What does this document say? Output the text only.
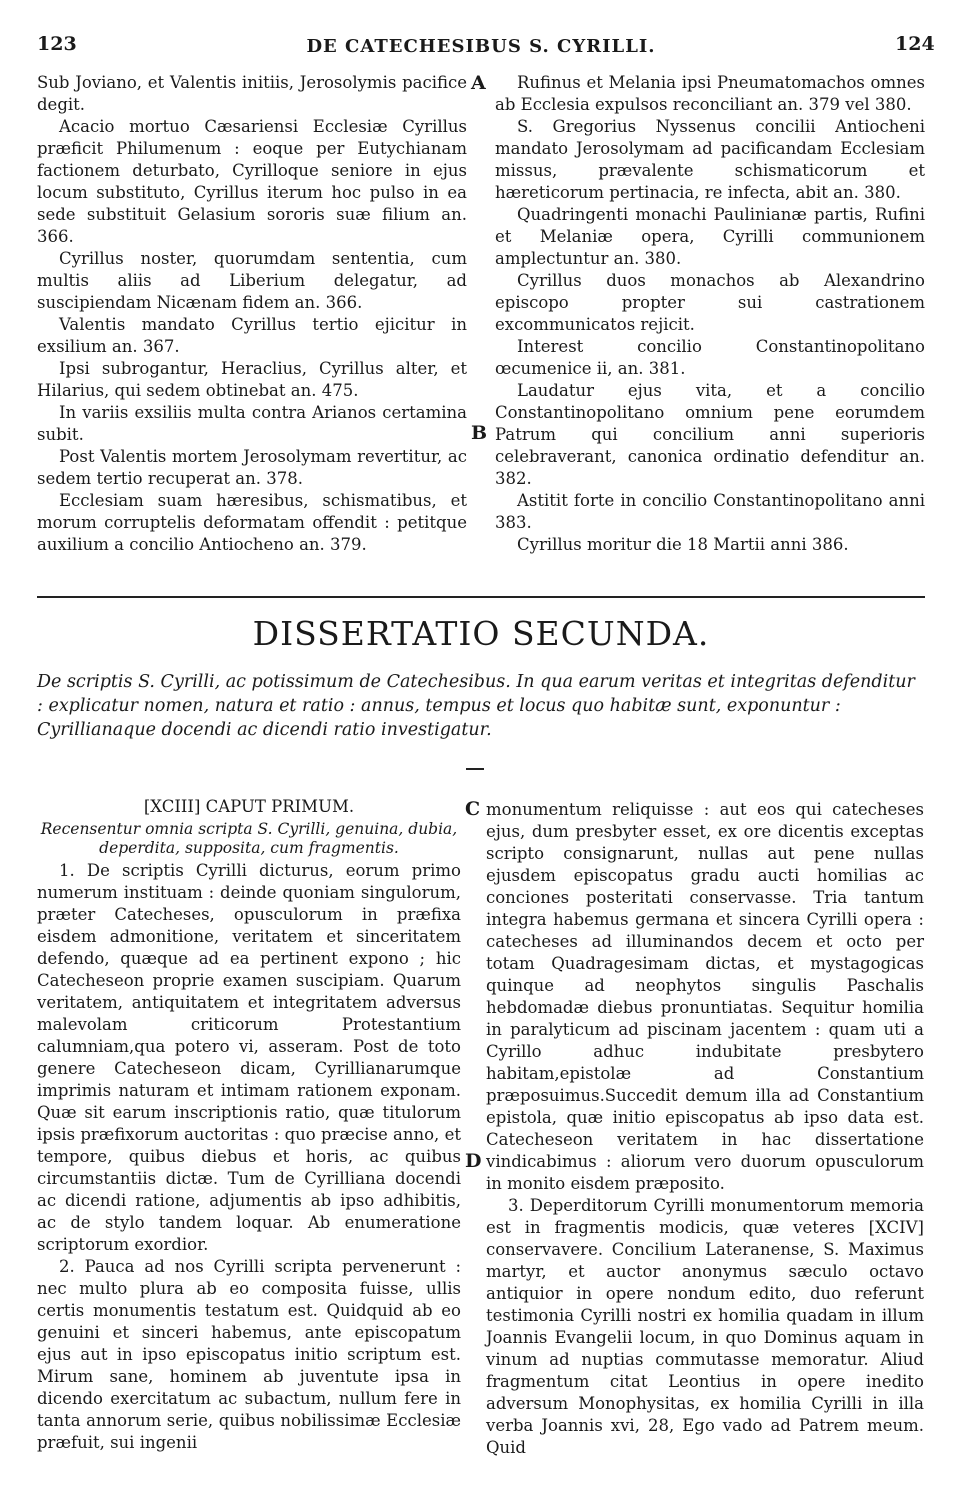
123	DE CATECHESIBUS S. CYRILLI.	124

Sub Joviano, et Valentis initiis, Jerosolymis pacifice degit.

Acacio mortuo Cæsariensi Ecclesiæ Cyrillus præficit Philumenum : eoque per Eutychianam factionem deturbato, Cyrilloque seniore in ejus locum substituto, Cyrillus iterum hoc pulso in ea sede substituit Gelasium sororis suæ filium an. 366.

Cyrillus noster, quorumdam sententia, cum multis aliis ad Liberium delegatur, ad suscipiendam Nicænam fidem an. 366.

Valentis mandato Cyrillus tertio ejicitur in exsilium an. 367.

Ipsi subrogantur, Heraclius, Cyrillus alter, et Hilarius, qui sedem obtinebat an. 475.

In variis exsiliis multa contra Arianos certamina subit.

Post Valentis mortem Jerosolymam revertitur, ac sedem tertio recuperat an. 378.

Ecclesiam suam hæresibus, schismatibus, et morum corruptelis deformatam offendit : petitque auxilium a concilio Antiocheno an. 379.

A
B

Rufinus et Melania ipsi Pneumatomachos omnes ab Ecclesia expulsos reconciliant an. 379 vel 380.

S. Gregorius Nyssenus concilii Antiocheni mandato Jerosolymam ad pacificandam Ecclesiam missus, prævalente schismaticorum et hæreticorum pertinacia, re infecta, abit an. 380.

Quadringenti monachi Paulinianæ partis, Rufini et Melaniæ opera, Cyrilli communionem amplectuntur an. 380.

Cyrillus duos monachos ab Alexandrino episcopo propter sui castrationem excommunicatos rejicit.

Interest concilio Constantinopolitano œcumenice ii, an. 381.

Laudatur ejus vita, et a concilio Constantinopolitano omnium pene eorumdem Patrum qui concilium anni superioris celebraverant, canonica ordinatio defenditur an. 382.

Astitit forte in concilio Constantinopolitano anni 383.

Cyrillus moritur die 18 Martii anni 386.

DISSERTATIO SECUNDA.

De scriptis S. Cyrilli, ac potissimum de Catechesibus. In qua earum veritas et integritas defenditur : explicatur nomen, natura et ratio : annus, tempus et locus quo habitæ sunt, exponuntur : Cyrillianaque docendi ac dicendi ratio investigatur.

[XCIII] CAPUT PRIMUM.

Recensentur omnia scripta S. Cyrilli, genuina, dubia, deperdita, supposita, cum fragmentis.

1. De scriptis Cyrilli dicturus, eorum primo numerum instituam : deinde quoniam singulorum, præter Catecheses, opusculorum in præfixa eisdem admonitione, veritatem et sinceritatem defendo, quæque ad ea pertinent expono ; hic Catecheseon proprie examen suscipiam. Quarum veritatem, antiquitatem et integritatem adversus malevolam criticorum Protestantium calumniam,qua potero vi, asseram. Post de toto genere Catecheseon dicam, Cyrillianarumque imprimis naturam et intimam rationem exponam. Quæ sit earum inscriptionis ratio, quæ titulorum ipsis præfixorum auctoritas : quo præcise anno, et tempore, quibus diebus et horis, ac quibus circumstantiis dictæ. Tum de Cyrilliana docendi ac dicendi ratione, adjumentis ab ipso adhibitis, ac de stylo tandem loquar. Ab enumeratione scriptorum exordior.

2. Pauca ad nos Cyrilli scripta pervenerunt : nec multo plura ab eo composita fuisse, ullis certis monumentis testatum est. Quidquid ab eo genuini et sinceri habemus, ante episcopatum ejus aut in ipso episcopatus initio scriptum est. Mirum sane, hominem ab juventute ipsa in dicendo exercitatum ac subactum, nullum fere in tanta annorum serie, quibus nobilissimæ Ecclesiæ præfuit, sui ingenii

C
D

monumentum reliquisse : aut eos qui catecheses ejus, dum presbyter esset, ex ore dicentis exceptas scripto consignarunt, nullas aut pene nullas ejusdem episcopatus gradu aucti homilias ac conciones posteritati conservasse. Tria tantum integra habemus germana et sincera Cyrilli opera : catecheses ad illuminandos decem et octo per totam Quadragesimam dictas, et mystagogicas quinque ad neophytos singulis Paschalis hebdomadæ diebus pronuntiatas. Sequitur homilia in paralyticum ad piscinam jacentem : quam uti a Cyrillo adhuc indubitate presbytero habitam,epistolæ ad Constantium præposuimus.Succedit demum illa ad Constantium epistola, quæ initio episcopatus ab ipso data est. Catecheseon veritatem in hac dissertatione vindicabimus : aliorum vero duorum opusculorum in monito eisdem præposito.

3. Deperditorum Cyrilli monumentorum memoria est in fragmentis modicis, quæ veteres [XCIV] conservavere. Concilium Lateranense, S. Maximus martyr, et auctor anonymus sæculo octavo antiquior in opere nondum edito, duo referunt testimonia Cyrilli nostri ex homilia quadam in illum Joannis Evangelii locum, in quo Dominus aquam in vinum ad nuptias commutasse memoratur. Aliud fragmentum citat Leontius in opere inedito adversum Monophysitas, ex homilia Cyrilli in illa verba Joannis xvi, 28, Ego vado ad Patrem meum. Quid
